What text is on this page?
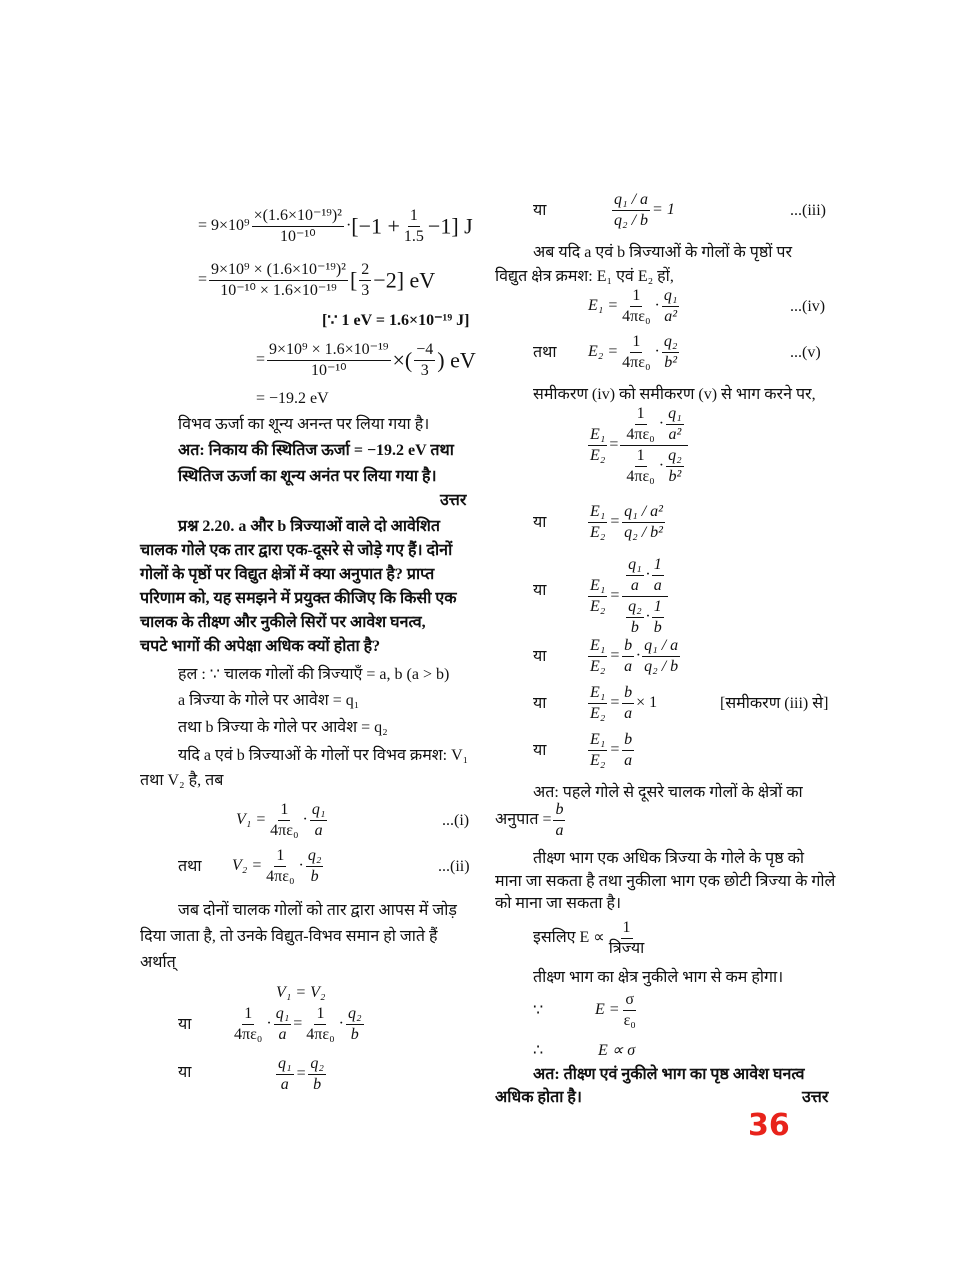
= $9\times 10^9 \frac{\text{×(1.6×10⁻¹⁹)²}}{\text{10⁻¹⁰}} \cdot[-1 + \frac{1}{1.5} -1]$ J
= $\frac{\text{9×10⁹ × (1.6×10⁻¹⁹)²}}{\text{10⁻¹⁰ × 1.6×10⁻¹⁹}}$ [ $\frac{2}{3} -2$] eV
[∵ 1 eV = 1.6×10⁻¹⁹ J]
= $\frac{\text{9×10⁹ × 1.6×10⁻¹⁹}}{\text{10⁻¹⁰}}$ ×( $\frac{-4}{3}$ ) eV
= −19.2 eV
विभव ऊर्जा का शून्य अनन्त पर लिया गया है।
अत: निकाय की स्थितिज ऊर्जा = −19.2 eV तथा
स्थितिज ऊर्जा का शून्य अनंत पर लिया गया है।
उत्तर
प्रश्न 2.20. a और b त्रिज्याओं वाले दो आवेशित
चालक गोले एक तार द्वारा एक-दूसरे से जोड़े गए हैं। दोनों
गोलों के पृष्ठों पर विद्युत क्षेत्रों में क्या अनुपात है? प्राप्त
परिणाम को, यह समझने में प्रयुक्त कीजिए कि किसी एक
चालक के तीक्ष्ण और नुकीले सिरों पर आवेश घनत्व,
चपटे भागों की अपेक्षा अधिक क्यों होता है?
हल : ∵ चालक गोलों की त्रिज्याएँ = a, b (a > b)
a त्रिज्या के गोले पर आवेश = q₁
तथा b त्रिज्या के गोले पर आवेश = q₂
यदि a एवं b त्रिज्याओं के गोलों पर विभव क्रमश: V₁
तथा V₂ है, तब
$V_1 = \frac{1}{\text{4πε₀}} \cdot \frac{\text{q₁}}{a}$	...(i)
तथा $V_2 = \frac{1}{\text{4πε₀}} \cdot \frac{\text{q₂}}{b}$	...(ii)
जब दोनों चालक गोलों को तार द्वारा आपस में जोड़
दिया जाता है, तो उनके विद्युत-विभव समान हो जाते हैं
अर्थात्
V₁ = V₂
या	$\frac{1}{\text{4πε₀}} \cdot \frac{\text{q₁}}{a} = \frac{1}{\text{4πε₀}} \cdot \frac{\text{q₂}}{b}$
या	$\frac{\text{q₁}}{a} = \frac{\text{q₂}}{b}$
या	$\frac{\text{q₁ / a}}{\text{q₂ / b}} = 1$	...(iii)
अब यदि a एवं b त्रिज्याओं के गोलों के पृष्ठों पर
विद्युत क्षेत्र क्रमश: E₁ एवं E₂ हों,
$E_1 = \frac{1}{\text{4πε₀}} \cdot \frac{\text{q₁}}{\text{a²}}$	...(iv)
तथा $E_2 = \frac{1}{\text{4πε₀}} \cdot \frac{\text{q₂}}{\text{b²}}$	...(v)
समीकरण (iv) को समीकरण (v) से भाग करने पर,
$\frac{\text{E₁}}{\text{E₂}} = \frac{\frac{1}{\text{4πε₀}} \cdot \frac{\text{q₁}}{\text{a²}}}{\frac{1}{\text{4πε₀}} \cdot \frac{\text{q₂}}{\text{b²}}}$
या	$\frac{\text{E₁}}{\text{E₂}} = \frac{\text{q₁ / a²}}{\text{q₂ / b²}}$
या	$\frac{\text{E₁}}{\text{E₂}} = \frac{\frac{\text{q₁}}{a} \cdot \frac{1}{a}}{\frac{\text{q₂}}{b} \cdot \frac{1}{b}}$
या	$\frac{\text{E₁}}{\text{E₂}} = \frac{b}{a} \cdot \frac{\text{q₁ / a}}{\text{q₂ / b}}$
या	$\frac{\text{E₁}}{\text{E₂}} = \frac{b}{a} \times 1$	[समीकरण (iii) से]
या	$\frac{\text{E₁}}{\text{E₂}} = \frac{b}{a}$
अत: पहले गोले से दूसरे चालक गोलों के क्षेत्रों का
अनुपात = $\frac{b}{a}$
तीक्ष्ण भाग एक अधिक त्रिज्या के गोले के पृष्ठ को
माना जा सकता है तथा नुकीला भाग एक छोटी त्रिज्या के गोले
को माना जा सकता है।
इसलिए $E \propto \frac{1}{\text{त्रिज्या}}$
तीक्ष्ण भाग का क्षेत्र नुकीले भाग से कम होगा।
∵	$E = \frac{\sigma}{\text{ε₀}}$
∴	E ∝ σ
अत: तीक्ष्ण एवं नुकीले भाग का पृष्ठ आवेश घनत्व
अधिक होता है।	उत्तर
36
